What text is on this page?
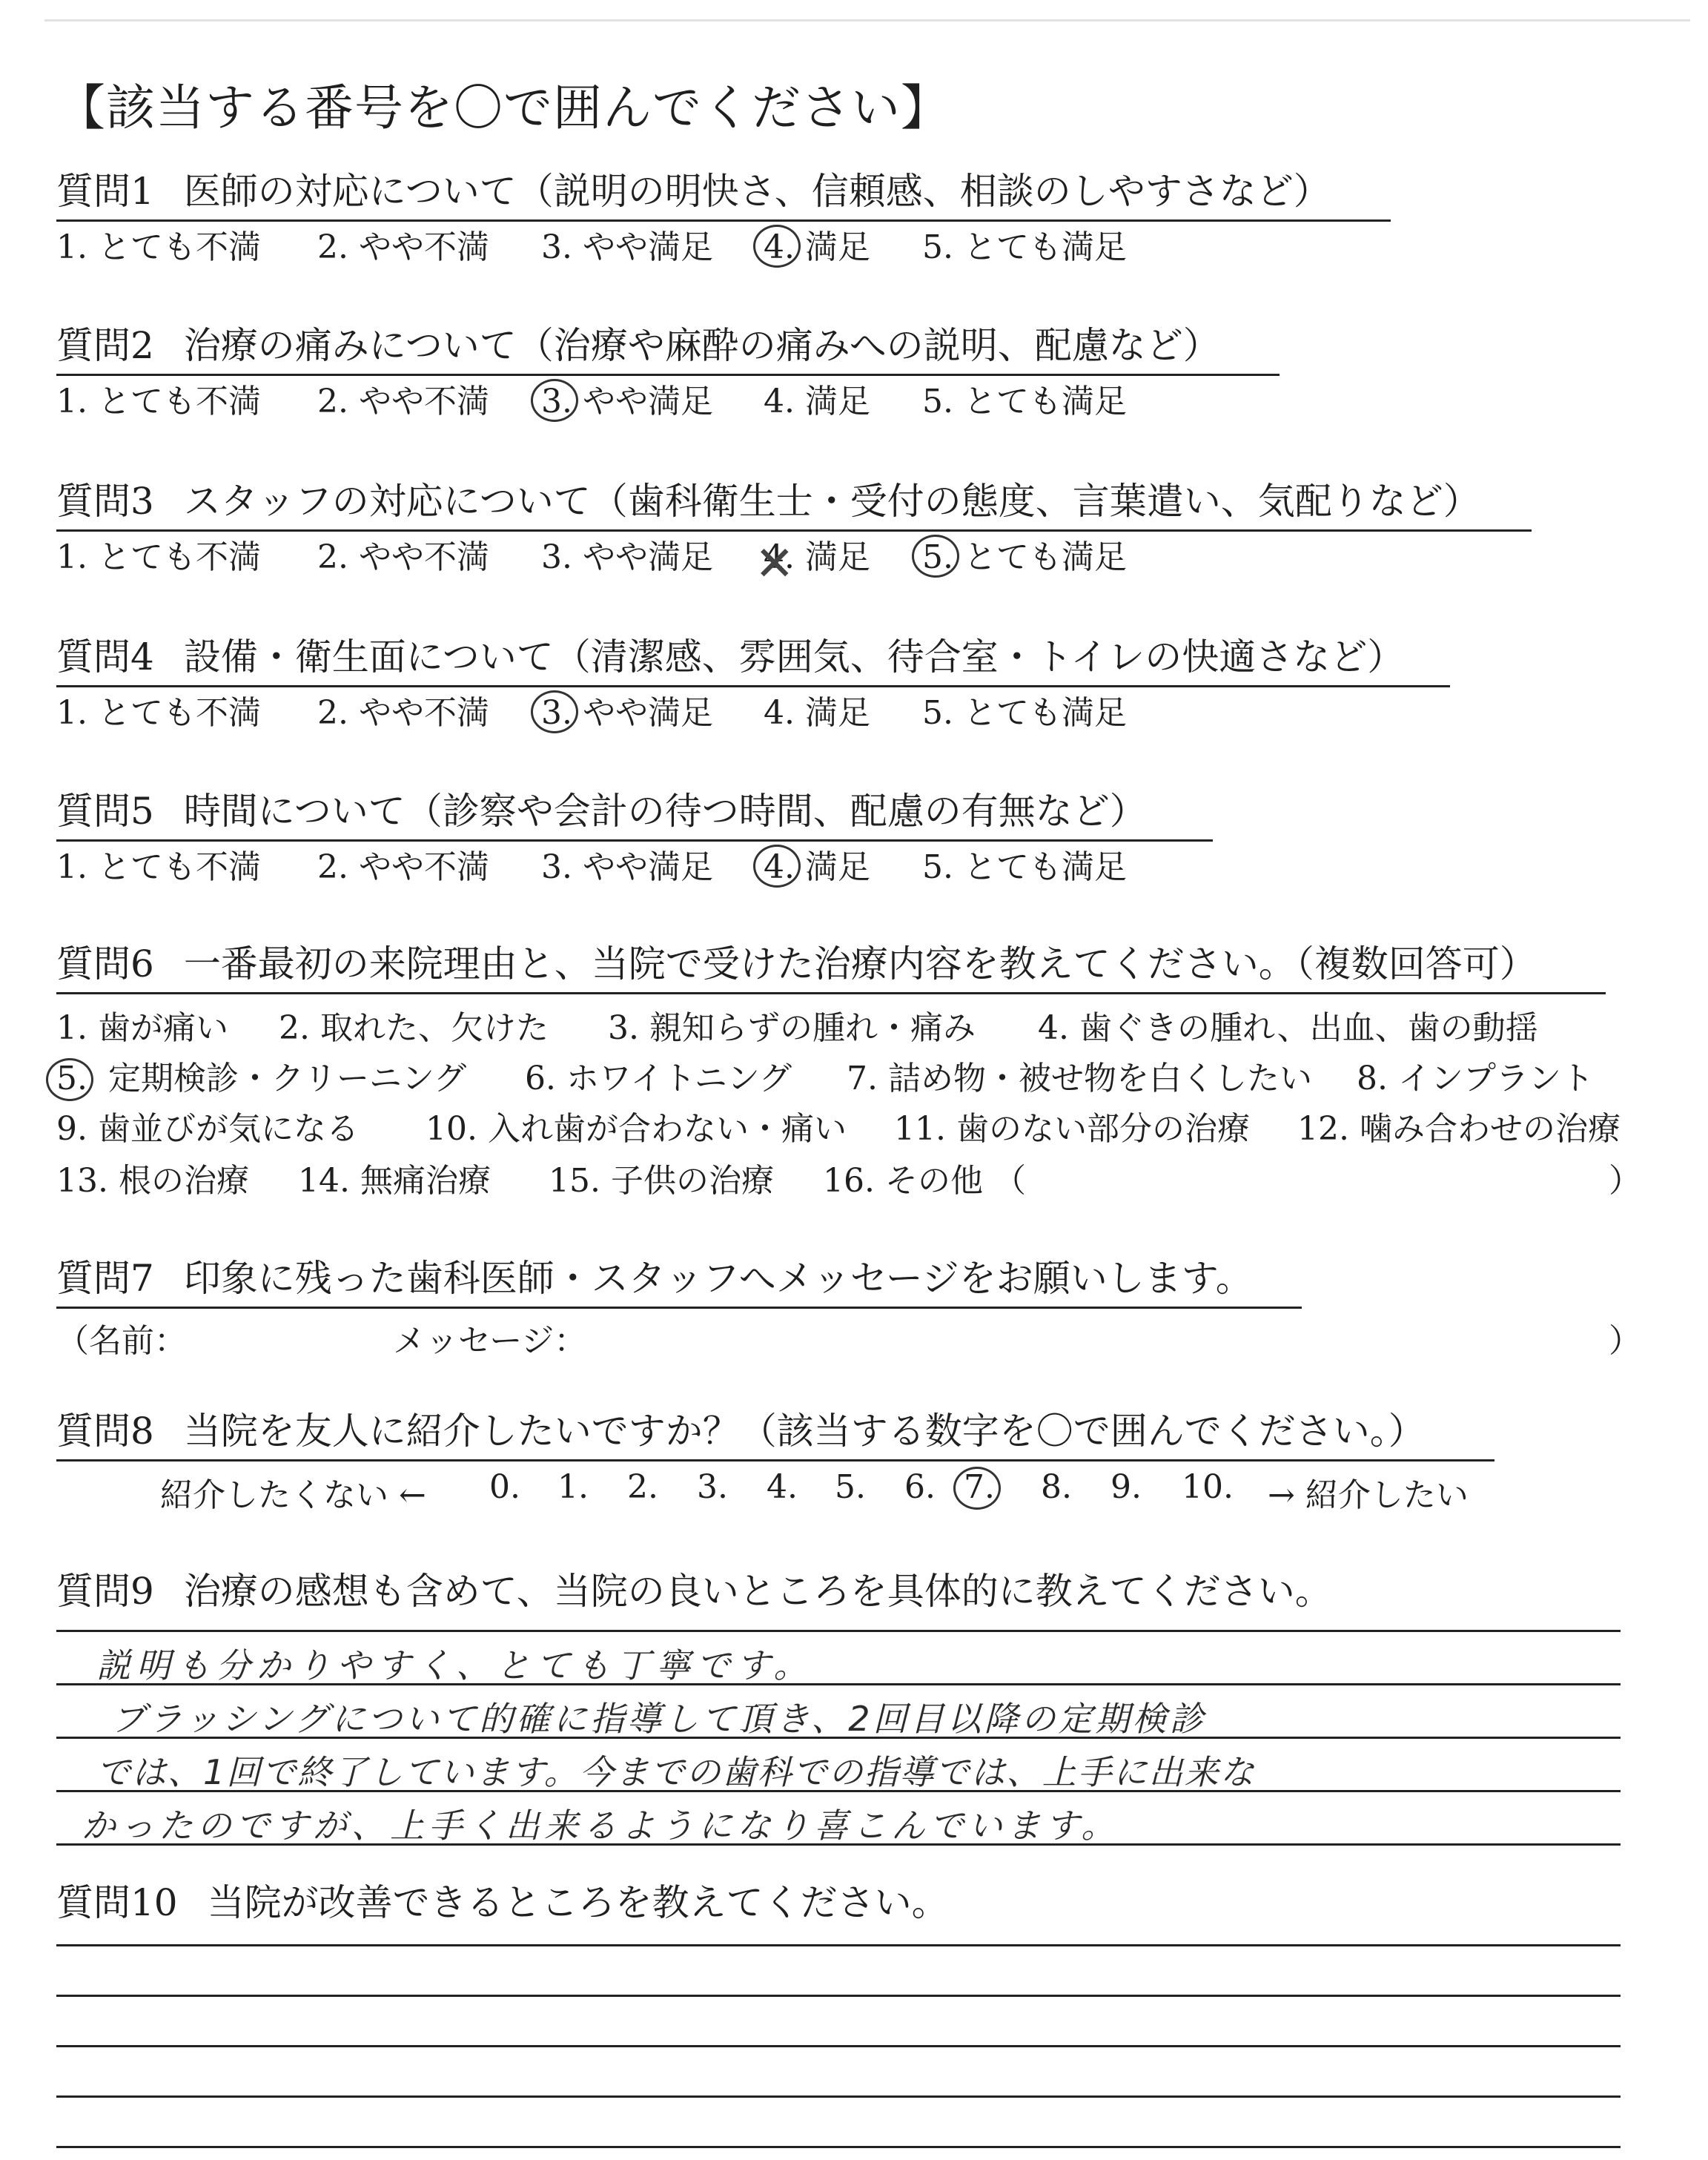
【該当する番号を〇で囲んでください】
質問1 医師の対応について（説明の明快さ、信頼感、相談のしやすさなど）
1. とても不満 2. やや不満 3. やや満足 4. 満足 5. とても満足
質問2 治療の痛みについて（治療や麻酔の痛みへの説明、配慮など）
1. とても不満 2. やや不満 3. やや満足 4. 満足 5. とても満足
質問3 スタッフの対応について（歯科衛生士・受付の態度、言葉遣い、気配りなど）
1. とても不満 2. やや不満 3. やや満足
✕ 4. 満足 5. とても満足
質問4 設備・衛生面について（清潔感、雰囲気、待合室・トイレの快適さなど）
1. とても不満 2. やや不満 3. やや満足 4. 満足 5. とても満足
質問5 時間について（診察や会計の待つ時間、配慮の有無など）
1. とても不満 2. やや不満 3. やや満足 4. 満足 5. とても満足
質問6 一番最初の来院理由と、当院で受けた治療内容を教えてください。（複数回答可）
1. 歯が痛い 2. 取れた、欠けた 3. 親知らずの腫れ・痛み 4. 歯ぐきの腫れ、出血、歯の動揺
5. 定期検診・クリーニング 6. ホワイトニング 7. 詰め物・被せ物を白くしたい 8. インプラント
9. 歯並びが気になる 10. 入れ歯が合わない・痛い 11. 歯のない部分の治療 12. 噛み合わせの治療
13. 根の治療 14. 無痛治療 15. 子供の治療 16. その他 （	）
質問7 印象に残った歯科医師・スタッフへメッセージをお願いします。
（名前：	メッセージ：	）
質問8 当院を友人に紹介したいですか？（該当する数字を〇で囲んでください。）
紹介したくない ← 0. 1. 2. 3. 4. 5. 6. 7.	8. 9. 10. → 紹介したい
質問9 治療の感想も含めて、当院の良いところを具体的に教えてください。
説明も分かりやすく、とても丁寧です。
ブラッシングについて的確に指導して頂き、2回目以降の定期検診
では、1回で終了しています。今までの歯科での指導では、上手に出来な
かったのですが、上手く出来るようになり喜こんでいます。
質問10 当院が改善できるところを教えてください。
